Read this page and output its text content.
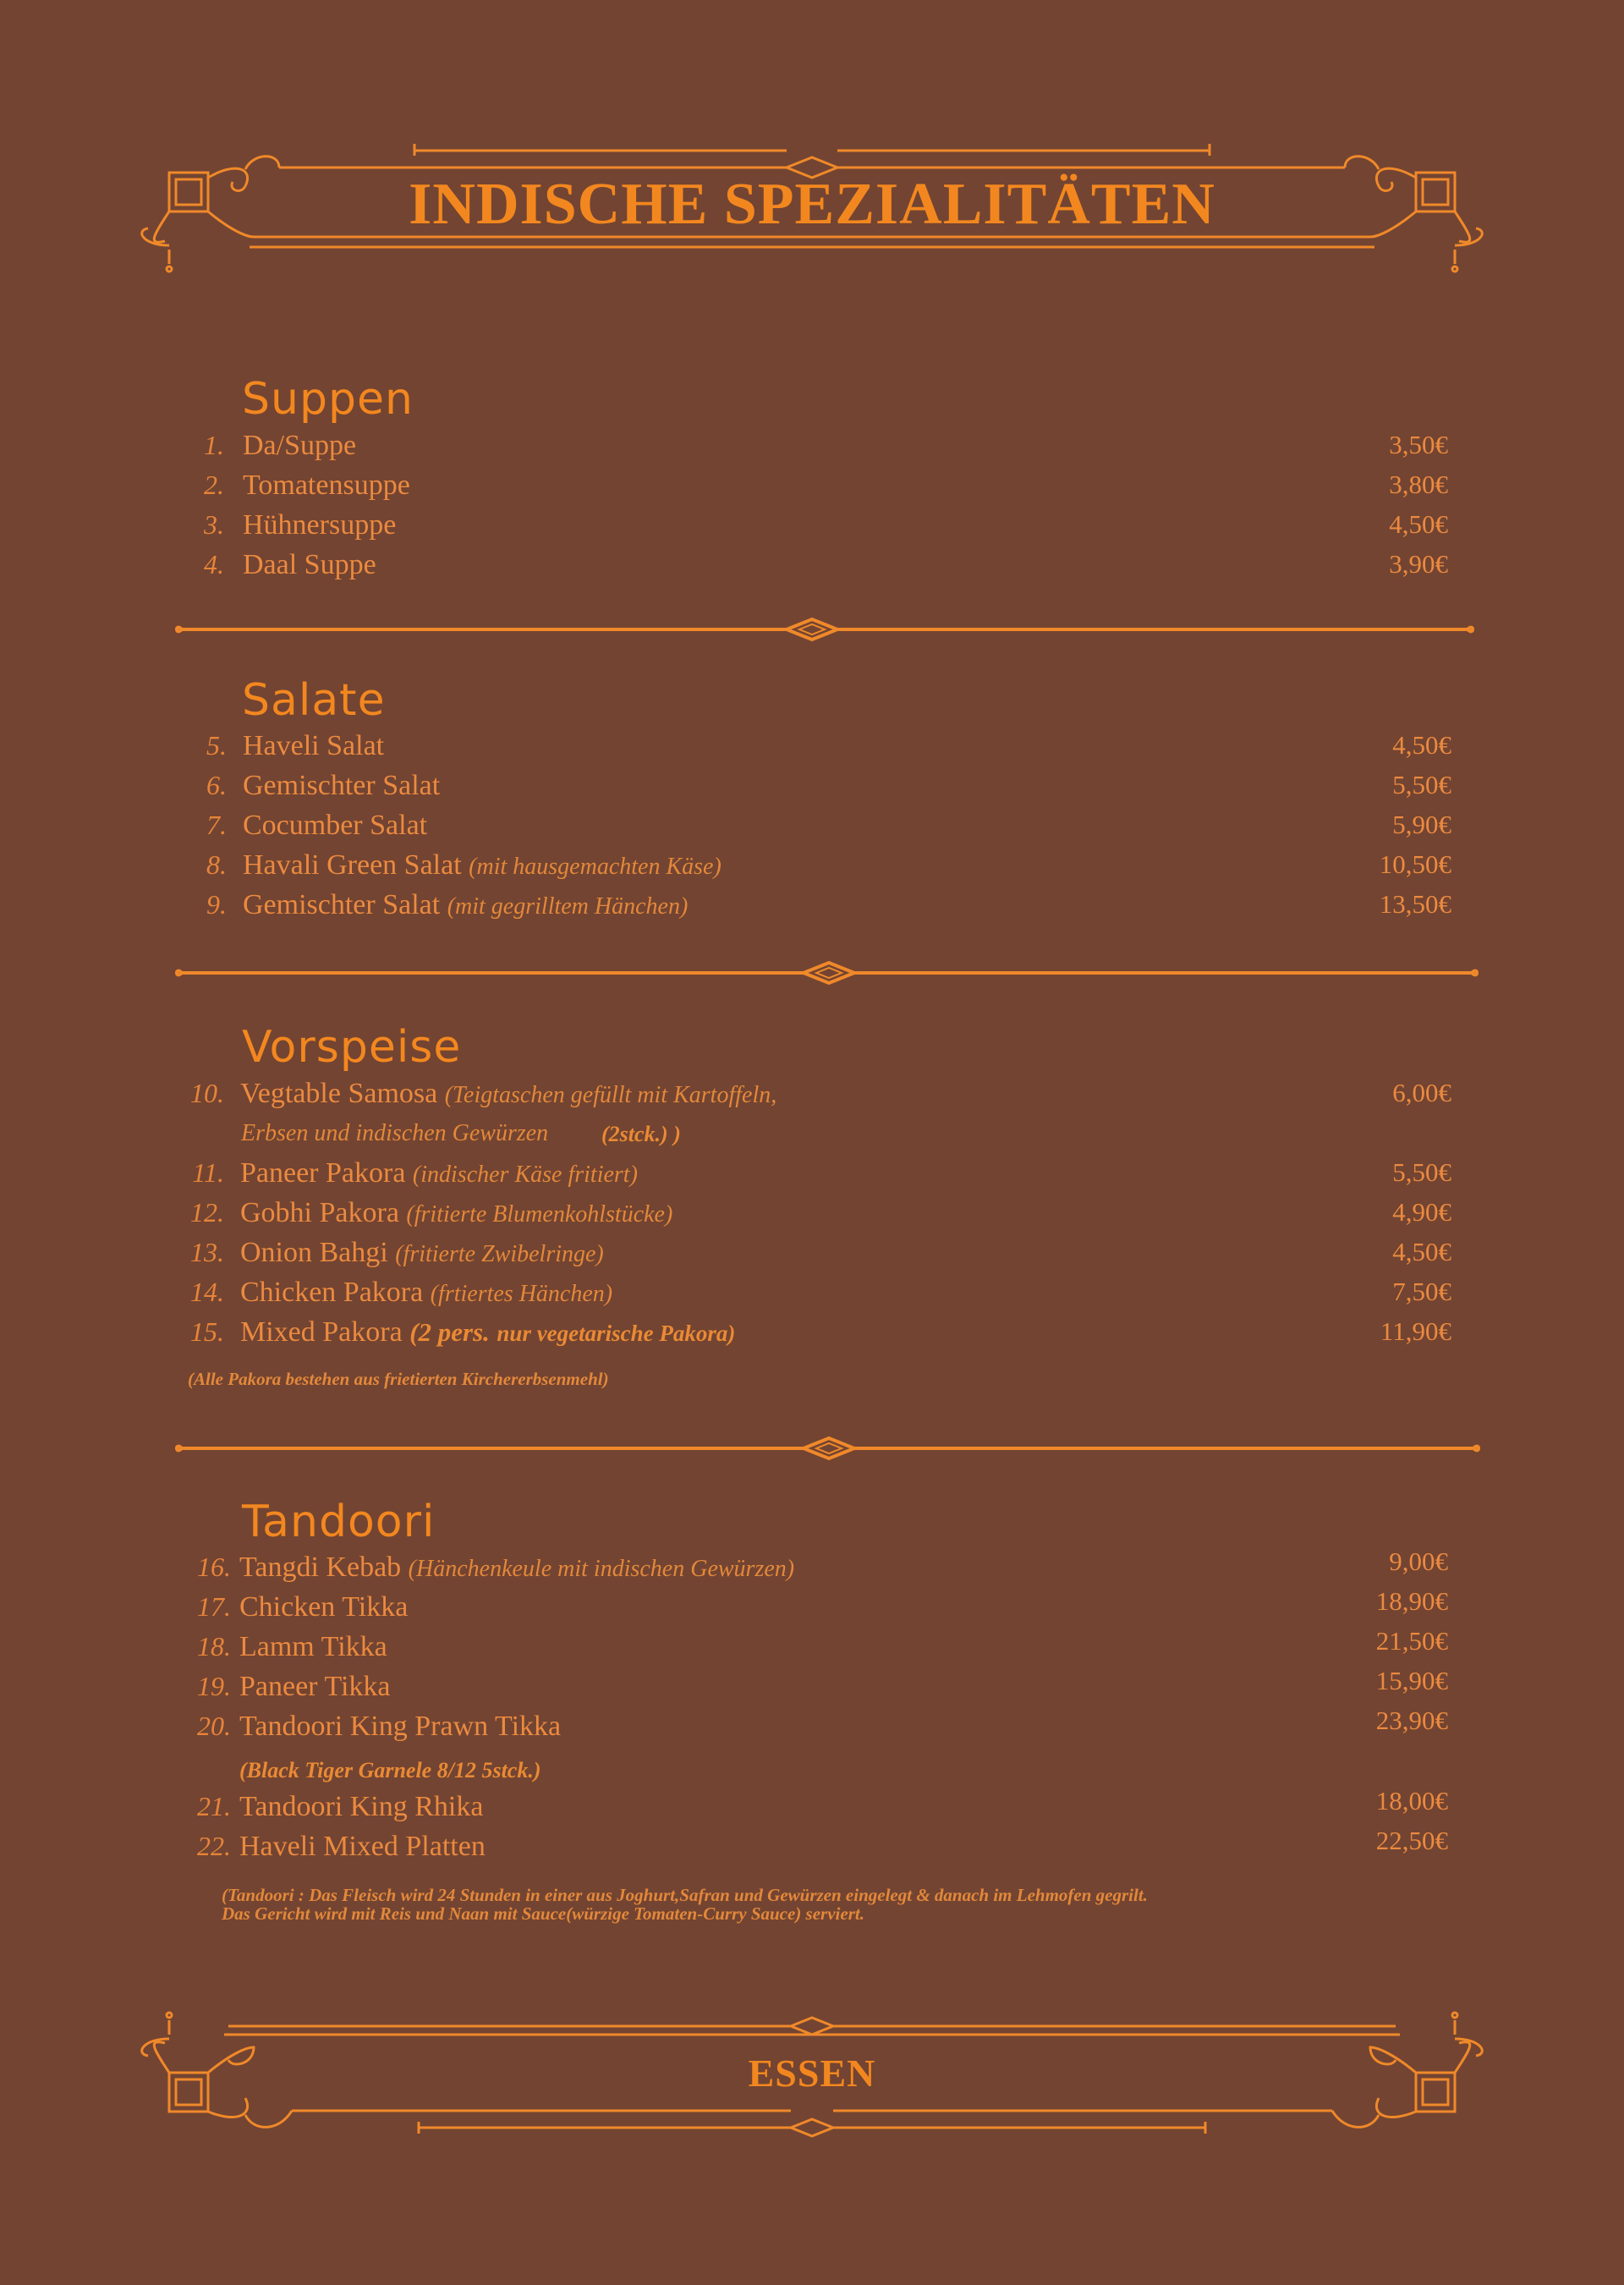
INDISCHE SPEZIALITÄTEN
Suppen
1. Da/Suppe	3,50€
2. Tomatensuppe	3,80€
3. Hühnersuppe	4,50€
4. Daal Suppe	3,90€
Salate
5. Haveli Salat	4,50€
6. Gemischter Salat	5,50€
7. Cocumber Salat	5,90€
8. Havali Green Salat (mit hausgemachten Käse)	10,50€
9. Gemischter Salat (mit gegrilltem Hänchen)	13,50€
Vorspeise
10. Vegtable Samosa (Teigtaschen gefüllt mit Kartoffeln,	6,00€
Erbsen und indischen Gewürzen (2stck.) )
11. Paneer Pakora (indischer Käse fritiert)	5,50€
12. Gobhi Pakora (fritierte Blumenkohlstücke)	4,90€
13. Onion Bahgi (fritierte Zwibelringe)	4,50€
14. Chicken Pakora (frtiertes Hänchen)	7,50€
15. Mixed Pakora (2 pers. nur vegetarische Pakora)	11,90€
(Alle Pakora bestehen aus frietierten Kirchererbsenmehl)
Tandoori
16. Tangdi Kebab (Hänchenkeule mit indischen Gewürzen)	9,00€
17. Chicken Tikka	18,90€
18. Lamm Tikka	21,50€
19. Paneer Tikka	15,90€
20. Tandoori King Prawn Tikka	23,90€
(Black Tiger Garnele 8/12 5stck.)
21. Tandoori King Rhika	18,00€
22. Haveli Mixed Platten	22,50€
(Tandoori : Das Fleisch wird 24 Stunden in einer aus Joghurt,Safran und Gewürzen eingelegt & danach im Lehmofen gegrilt.
Das Gericht wird mit Reis und Naan mit Sauce(würzige Tomaten-Curry Sauce) serviert.
ESSEN
